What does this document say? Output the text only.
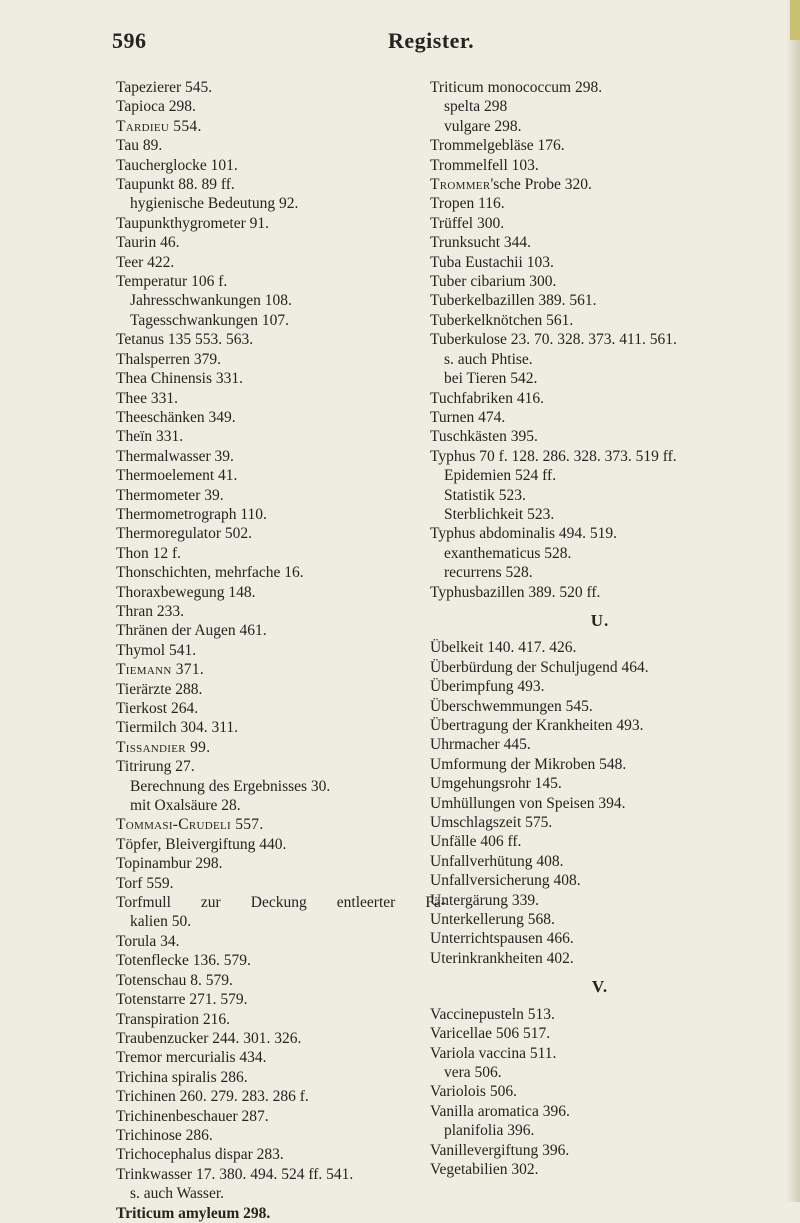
596	Register.
Tapezierer 545.
Tapioca 298.
Tardieu 554.
Tau 89.
Taucherglocke 101.
Taupunkt 88. 89 ff.
hygienische Bedeutung 92.
Taupunkthygrometer 91.
Taurin 46.
Teer 422.
Temperatur 106 f.
Jahresschwankungen 108.
Tagesschwankungen 107.
Tetanus 135 553. 563.
Thalsperren 379.
Thea Chinensis 331.
Thee 331.
Theeschänken 349.
Theïn 331.
Thermalwasser 39.
Thermoelement 41.
Thermometer 39.
Thermometrograph 110.
Thermoregulator 502.
Thon 12 f.
Thonschichten, mehrfache 16.
Thoraxbewegung 148.
Thran 233.
Thränen der Augen 461.
Thymol 541.
Tiemann 371.
Tierärzte 288.
Tierkost 264.
Tiermilch 304. 311.
Tissandier 99.
Titrirung 27.
Berechnung des Ergebnisses 30.
mit Oxalsäure 28.
Tommasi-Crudeli 557.
Töpfer, Bleivergiftung 440.
Topinambur 298.
Torf 559.
Torfmull zur Deckung entleerter Fä-
kalien 50.
Torula 34.
Totenflecke 136. 579.
Totenschau 8. 579.
Totenstarre 271. 579.
Transpiration 216.
Traubenzucker 244. 301. 326.
Tremor mercurialis 434.
Trichina spiralis 286.
Trichinen 260. 279. 283. 286 f.
Trichinenbeschauer 287.
Trichinose 286.
Trichocephalus dispar 283.
Trinkwasser 17. 380. 494. 524 ff. 541.
s. auch Wasser.
Triticum amyleum 298.
Triticum monococcum 298.
spelta 298
vulgare 298.
Trommelgebläse 176.
Trommelfell 103.
Trommer'sche Probe 320.
Tropen 116.
Trüffel 300.
Trunksucht 344.
Tuba Eustachii 103.
Tuber cibarium 300.
Tuberkelbazillen 389. 561.
Tuberkelknötchen 561.
Tuberkulose 23. 70. 328. 373. 411. 561.
s. auch Phtise.
bei Tieren 542.
Tuchfabriken 416.
Turnen 474.
Tuschkästen 395.
Typhus 70 f. 128. 286. 328. 373. 519 ff.
Epidemien 524 ff.
Statistik 523.
Sterblichkeit 523.
Typhus abdominalis 494. 519.
exanthematicus 528.
recurrens 528.
Typhusbazillen 389. 520 ff.
U.
Übelkeit 140. 417. 426.
Überbürdung der Schuljugend 464.
Überimpfung 493.
Überschwemmungen 545.
Übertragung der Krankheiten 493.
Uhrmacher 445.
Umformung der Mikroben 548.
Umgehungsrohr 145.
Umhüllungen von Speisen 394.
Umschlagszeit 575.
Unfälle 406 ff.
Unfallverhütung 408.
Unfallversicherung 408.
Untergärung 339.
Unterkellerung 568.
Unterrichtspausen 466.
Uterinkrankheiten 402.
V.
Vaccinepusteln 513.
Varicellae 506 517.
Variola vaccina 511.
vera 506.
Variolois 506.
Vanilla aromatica 396.
planifolia 396.
Vanillevergiftung 396.
Vegetabilien 302.
